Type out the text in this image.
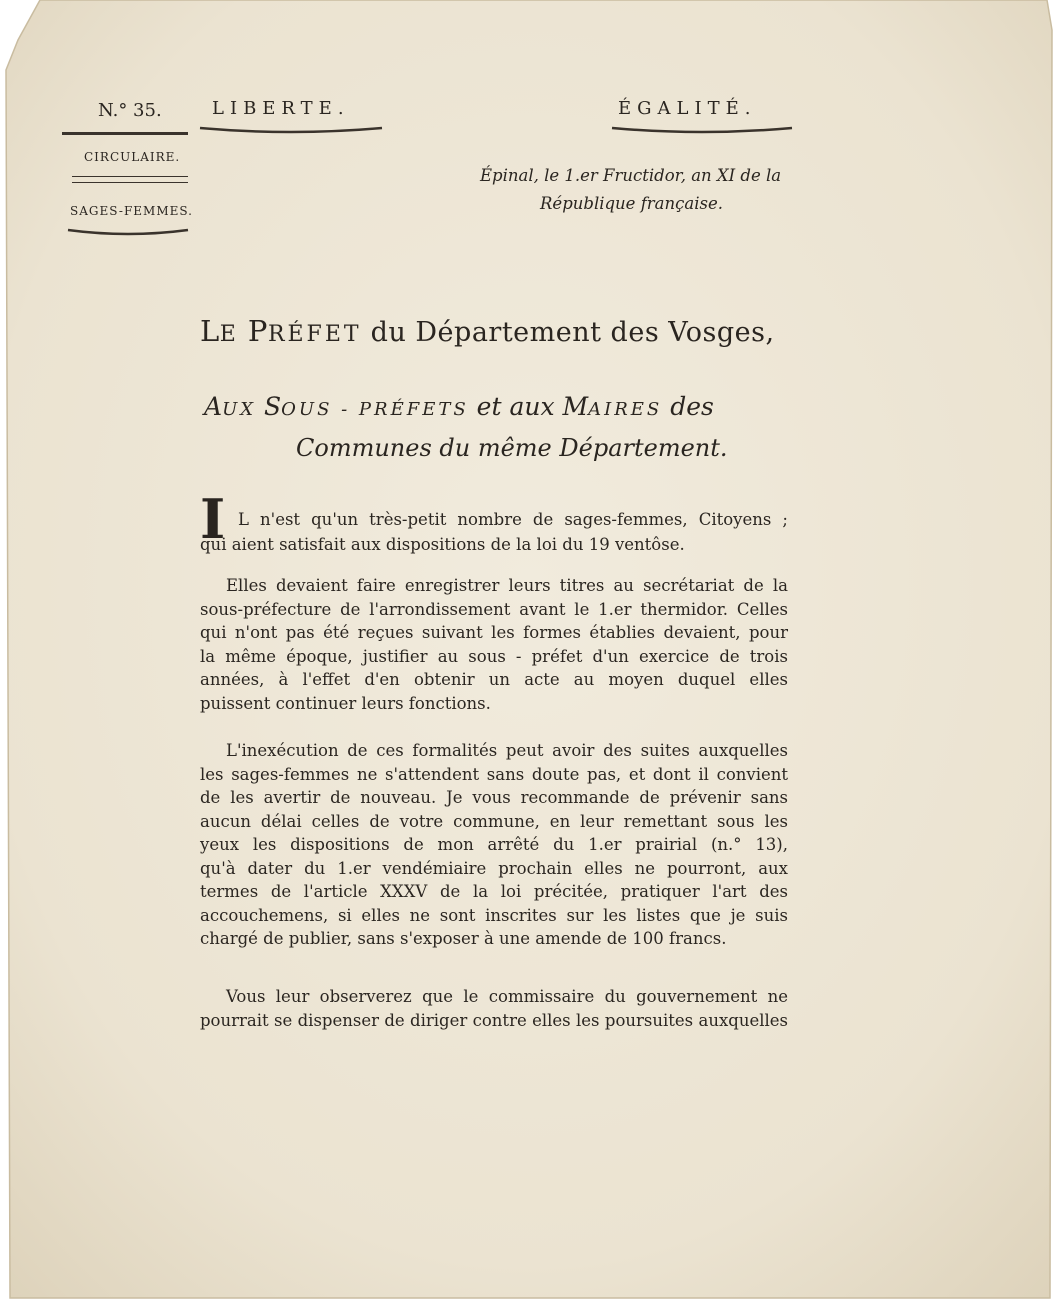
N.° 35.	LIBERTE.	ÉGALITÉ.
CIRCULAIRE.
SAGES-FEMMES.
Épinal, le 1.er Fructidor, an XI de la
République française.
LE PRÉFET du Département des Vosges,
AUX SOUS - PRÉFETS et aux MAIRES des
Communes du même Département.
I L n'est qu'un très-petit nombre de sages-femmes, Citoyens ;
qui aient satisfait aux dispositions de la loi du 19 ventôse.
Elles devaient faire enregistrer leurs titres au secrétariat de la
sous-préfecture de l'arrondissement avant le 1.er thermidor. Celles
qui n'ont pas été reçues suivant les formes établies devaient, pour
la même époque, justifier au sous - préfet d'un exercice de trois
années, à l'effet d'en obtenir un acte au moyen duquel elles
puissent continuer leurs fonctions.
L'inexécution de ces formalités peut avoir des suites auxquelles
les sages-femmes ne s'attendent sans doute pas, et dont il convient
de les avertir de nouveau. Je vous recommande de prévenir sans
aucun délai celles de votre commune, en leur remettant sous les
yeux les dispositions de mon arrêté du 1.er prairial (n.° 13),
qu'à dater du 1.er vendémiaire prochain elles ne pourront, aux
termes de l'article XXXV de la loi précitée, pratiquer l'art des
accouchemens, si elles ne sont inscrites sur les listes que je suis
chargé de publier, sans s'exposer à une amende de 100 francs.
Vous leur observerez que le commissaire du gouvernement ne
pourrait se dispenser de diriger contre elles les poursuites auxquelles
